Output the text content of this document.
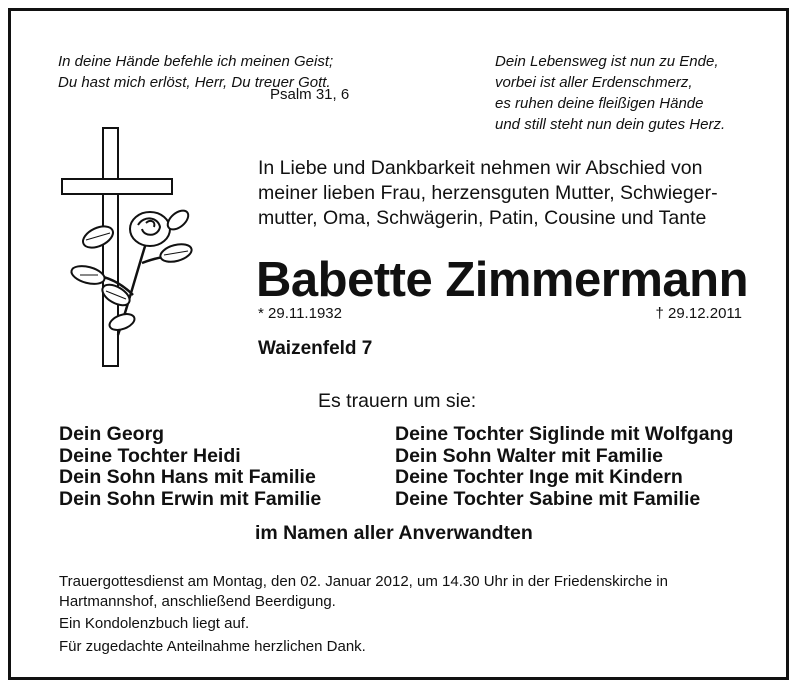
In deine Hände befehle ich meinen Geist;
Du hast mich erlöst, Herr, Du treuer Gott.
Psalm 31, 6
Dein Lebensweg ist nun zu Ende,
vorbei ist aller Erdenschmerz,
es ruhen deine fleißigen Hände
und still steht nun dein gutes Herz.
In Liebe und Dankbarkeit nehmen wir Abschied von
meiner lieben Frau, herzensguten Mutter, Schwieger-
mutter, Oma, Schwägerin, Patin, Cousine und Tante
Babette Zimmermann
* 29.11.1932	† 29.12.2011
Waizenfeld 7
Es trauern um sie:
Dein Georg
Deine Tochter Heidi
Dein Sohn Hans mit Familie
Dein Sohn Erwin mit Familie
Deine Tochter Siglinde mit Wolfgang
Dein Sohn Walter mit Familie
Deine Tochter Inge mit Kindern
Deine Tochter Sabine mit Familie
im Namen aller Anverwandten
Trauergottesdienst am Montag, den 02. Januar 2012, um 14.30 Uhr in der Friedenskirche in
Hartmannshof, anschließend Beerdigung.
Ein Kondolenzbuch liegt auf.
Für zugedachte Anteilnahme herzlichen Dank.
